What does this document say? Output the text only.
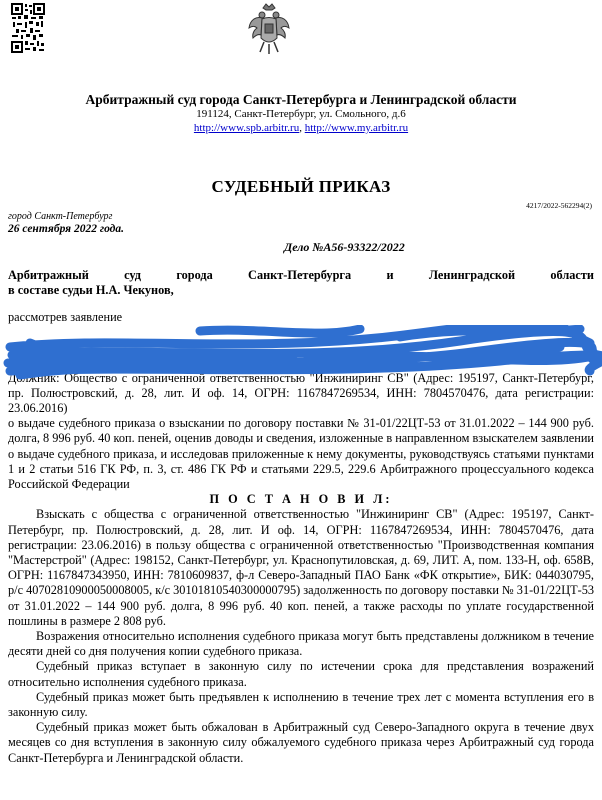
Арбитражный суд города Санкт-Петербурга и Ленинградской области
191124, Санкт-Петербург, ул. Смольного, д.6
http://www.spb.arbitr.ru, http://www.my.arbitr.ru
СУДЕБНЫЙ ПРИКАЗ
4217/2022-562294(2)
город Санкт-Петербург
26 сентября 2022 года.
Дело №А56-93322/2022

Арбитражный суд города Санкт-Петербурга и Ленинградской области

в составе судьи Н.А. Чекунов,

рассмотрев заявление

Должник: Общество с ограниченной ответственностью "Инжиниринг СВ" (Адрес: 195197, Санкт-Петербург, пр. Полюстровский, д. 28, лит. И оф. 14, ОГРН: 1167847269534, ИНН: 7804570476, дата регистрации: 23.06.2016)

о выдаче судебного приказа о взыскании по договору поставки № 31-01/22ЦТ-53 от 31.01.2022 – 144 900 руб. долга, 8 996 руб. 40 коп. пеней, оценив доводы и сведения, изложенные в направленном взыскателем заявлении о выдаче судебного приказа, и исследовав приложенные к нему документы, руководствуясь статьями пунктами 1 и 2 статьи 516 ГК РФ, п. 3, ст. 486 ГК РФ и статьями 229.5, 229.6 Арбитражного процессуального кодекса Российской Федерации

П О С Т А Н О В И Л:

Взыскать с общества с ограниченной ответственностью "Инжиниринг СВ" (Адрес: 195197, Санкт-Петербург, пр. Полюстровский, д. 28, лит. И оф. 14, ОГРН: 1167847269534, ИНН: 7804570476, дата регистрации: 23.06.2016) в пользу общества с ограниченной ответственностью "Производственная компания "Мастерстрой" (Адрес: 198152, Санкт-Петербург, ул. Краснопутиловская, д. 69, ЛИТ. А, пом. 133-Н, оф. 658В, ОГРН: 1167847343950, ИНН: 7810609837, ф-л Северо-Западный ПАО Банк «ФК открытие», БИК: 044030795, р/с 40702810900050008005, к/с 30101810540300000795) задолженность по договору поставки № 31-01/22ЦТ-53 от 31.01.2022 – 144 900 руб. долга, 8 996 руб. 40 коп. пеней, а также расходы по уплате государственной пошлины в размере 2 808 руб.

Возражения относительно исполнения судебного приказа могут быть представлены должником в течение десяти дней со дня получения копии судебного приказа.

Судебный приказ вступает в законную силу по истечении срока для представления возражений относительно исполнения судебного приказа.

Судебный приказ может быть предъявлен к исполнению в течение трех лет с момента вступления его в законную силу.

Судебный приказ может быть обжалован в Арбитражный суд Северо-Западного округа в течение двух месяцев со дня вступления в законную силу обжалуемого судебного приказа через Арбитражный суд города Санкт-Петербурга и Ленинградской области.
